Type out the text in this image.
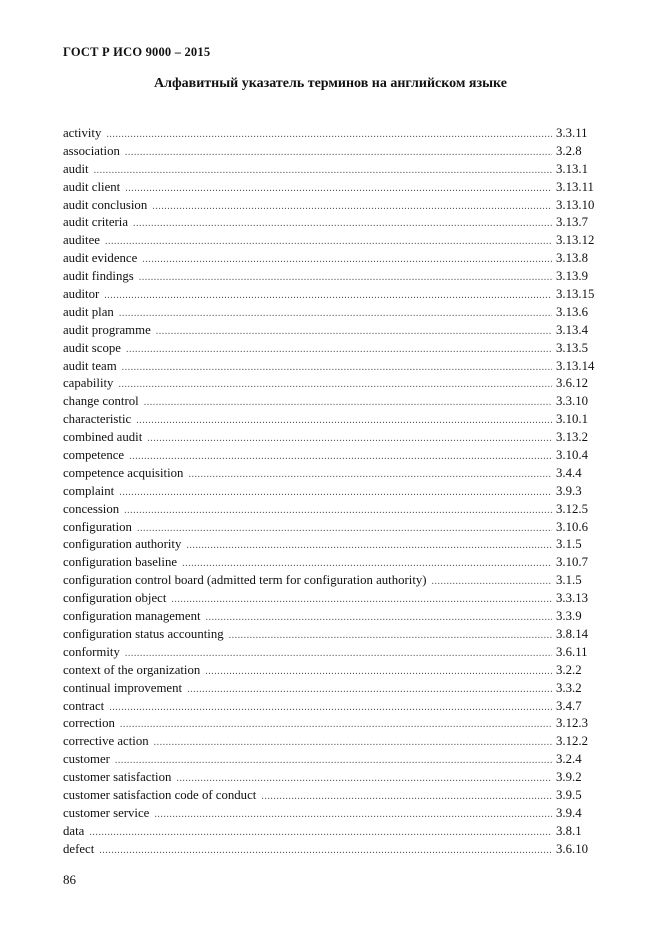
ГОСТ Р ИСО 9000 – 2015
Алфавитный указатель терминов на английском языке
activity .....	3.3.11
association .....	3.2.8
audit .....	3.13.1
audit client .....	3.13.11
audit conclusion .....	3.13.10
audit criteria .....	3.13.7
auditee .....	3.13.12
audit evidence .....	3.13.8
audit findings .....	3.13.9
auditor .....	3.13.15
audit plan .....	3.13.6
audit programme .....	3.13.4
audit scope .....	3.13.5
audit team .....	3.13.14
capability .....	3.6.12
change control .....	3.3.10
characteristic .....	3.10.1
combined audit .....	3.13.2
competence .....	3.10.4
competence acquisition .....	3.4.4
complaint .....	3.9.3
concession .....	3.12.5
configuration .....	3.10.6
configuration authority .....	3.1.5
configuration baseline .....	3.10.7
configuration control board (admitted term for configuration authority) .....	3.1.5
configuration object .....	3.3.13
configuration management .....	3.3.9
configuration status accounting .....	3.8.14
conformity .....	3.6.11
context of the organization .....	3.2.2
continual improvement .....	3.3.2
contract .....	3.4.7
correction .....	3.12.3
corrective action .....	3.12.2
customer .....	3.2.4
customer satisfaction .....	3.9.2
customer satisfaction code of conduct .....	3.9.5
customer service .....	3.9.4
data .....	3.8.1
defect .....	3.6.10
86
